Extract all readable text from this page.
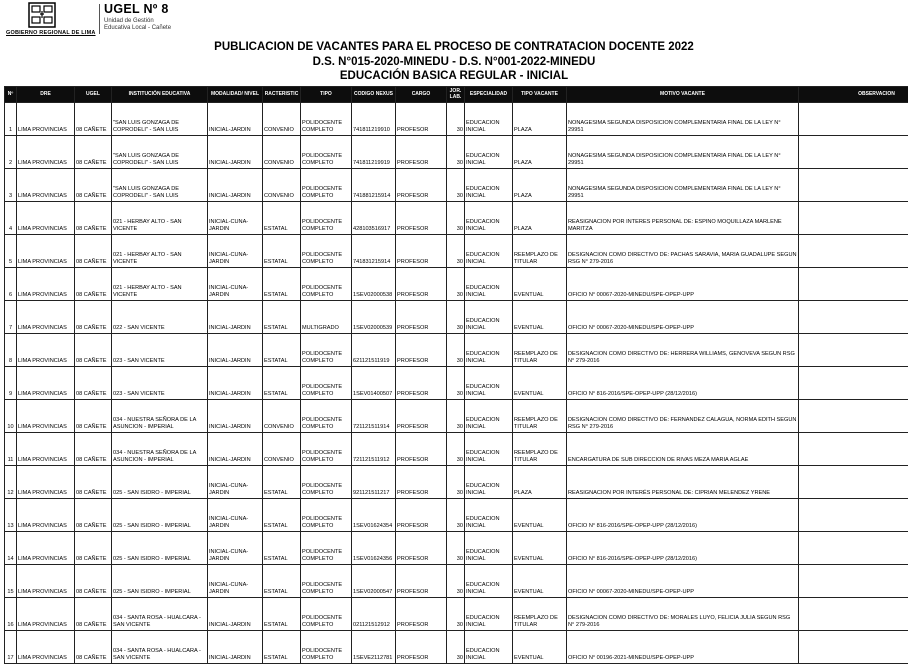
GOBIERNO REGIONAL DE LIMA
UGEL Nº 8
Unidad de Gestión
Educativa Local - Cañete
PUBLICACION DE VACANTES PARA EL PROCESO DE CONTRATACION DOCENTE 2022
D.S. N°015-2020-MINEDU - D.S. N°001-2022-MINEDU
EDUCACIÓN BASICA REGULAR - INICIAL
Nº	DRE	UGEL	INSTITUCIÓN EDUCATIVA	MODALIDAD/ NIVEL	RACTERISTIC	TIPO	CODIGO NEXUS	CARGO	JOR. LAB.	ESPECIALIDAD	TIPO VACANTE	MOTIVO VACANTE	OBSERVACION
1	LIMA PROVINCIAS	08 CAÑETE	"SAN LUIS GONZAGA DE COPRODELI" - SAN LUIS	INICIAL-JARDIN	CONVENIO	POLIDOCENTE COMPLETO	741811219910	PROFESOR	30	EDUCACION INICIAL	PLAZA	NONAGESIMA SEGUNDA DISPOSICION COMPLEMENTARIA FINAL DE LA LEY N° 29951	
2	LIMA PROVINCIAS	08 CAÑETE	"SAN LUIS GONZAGA DE COPRODELI" - SAN LUIS	INICIAL-JARDIN	CONVENIO	POLIDOCENTE COMPLETO	741811219919	PROFESOR	30	EDUCACION INICIAL	PLAZA	NONAGESIMA SEGUNDA DISPOSICION COMPLEMENTARIA FINAL DE LA LEY N° 29951	
3	LIMA PROVINCIAS	08 CAÑETE	"SAN LUIS GONZAGA DE COPRODELI" - SAN LUIS	INICIAL-JARDIN	CONVENIO	POLIDOCENTE COMPLETO	741881215914	PROFESOR	30	EDUCACION INICIAL	PLAZA	NONAGESIMA SEGUNDA DISPOSICION COMPLEMENTARIA FINAL DE LA LEY N° 29951	
4	LIMA PROVINCIAS	08 CAÑETE	021 - HERBAY ALTO - SAN VICENTE	INICIAL-CUNA-JARDIN	ESTATAL	POLIDOCENTE COMPLETO	428103516917	PROFESOR	30	EDUCACION INICIAL	PLAZA	REASIGNACION POR INTERES PERSONAL DE: ESPINO MOQUILLAZA MARLENE MARITZA	
5	LIMA PROVINCIAS	08 CAÑETE	021 - HERBAY ALTO - SAN VICENTE	INICIAL-CUNA-JARDIN	ESTATAL	POLIDOCENTE COMPLETO	741831215914	PROFESOR	30	EDUCACION INICIAL	REEMPLAZO DE TITULAR	DESIGNACION COMO DIRECTIVO DE: PACHAS SARAVIA, MARIA GUADALUPE SEGUN RSG N° 279-2016	
6	LIMA PROVINCIAS	08 CAÑETE	021 - HERBAY ALTO - SAN VICENTE	INICIAL-CUNA-JARDIN	ESTATAL	POLIDOCENTE COMPLETO	1SEV02000538	PROFESOR	30	EDUCACION INICIAL	EVENTUAL	OFICIO N° 00067-2020-MINEDU/SPE-OPEP-UPP	
7	LIMA PROVINCIAS	08 CAÑETE	022 - SAN VICENTE	INICIAL-JARDIN	ESTATAL	MULTIGRADO	1SEV02000539	PROFESOR	30	EDUCACION INICIAL	EVENTUAL	OFICIO N° 00067-2020-MINEDU/SPE-OPEP-UPP	
8	LIMA PROVINCIAS	08 CAÑETE	023 - SAN VICENTE	INICIAL-JARDIN	ESTATAL	POLIDOCENTE COMPLETO	621121511919	PROFESOR	30	EDUCACION INICIAL	REEMPLAZO DE TITULAR	DESIGNACION COMO DIRECTIVO DE: HERRERA WILLIAMS, GENOVEVA SEGUN RSG N° 279-2016	
9	LIMA PROVINCIAS	08 CAÑETE	023 - SAN VICENTE	INICIAL-JARDIN	ESTATAL	POLIDOCENTE COMPLETO	1SEV01400507	PROFESOR	30	EDUCACION INICIAL	EVENTUAL	OFICIO N° 816-2016/SPE-OPEP-UPP (28/12/2016)	
10	LIMA PROVINCIAS	08 CAÑETE	034 - NUESTRA SEÑORA DE LA ASUNCION - IMPERIAL	INICIAL-JARDIN	CONVENIO	POLIDOCENTE COMPLETO	721121511914	PROFESOR	30	EDUCACION INICIAL	REEMPLAZO DE TITULAR	DESIGNACION COMO DIRECTIVO DE: FERNANDEZ CALAGUA, NORMA EDITH SEGUN RSG N° 279-2016	
11	LIMA PROVINCIAS	08 CAÑETE	034 - NUESTRA SEÑORA DE LA ASUNCION - IMPERIAL	INICIAL-JARDIN	CONVENIO	POLIDOCENTE COMPLETO	721121511912	PROFESOR	30	EDUCACION INICIAL	REEMPLAZO DE TITULAR	ENCARGATURA DE SUB DIRECCION DE RIVAS MEZA MARIA AGLAE	
12	LIMA PROVINCIAS	08 CAÑETE	025 - SAN ISIDRO - IMPERIAL	INICIAL-CUNA-JARDIN	ESTATAL	POLIDOCENTE COMPLETO	921121511217	PROFESOR	30	EDUCACION INICIAL	PLAZA	REASIGNACION POR INTERÉS PERSONAL DE: CIPRIAN MELENDEZ YRENE	
13	LIMA PROVINCIAS	08 CAÑETE	025 - SAN ISIDRO - IMPERIAL	INICIAL-CUNA-JARDIN	ESTATAL	POLIDOCENTE COMPLETO	1SEV01624354	PROFESOR	30	EDUCACION INICIAL	EVENTUAL	OFICIO N° 816-2016/SPE-OPEP-UPP (28/12/2016)	
14	LIMA PROVINCIAS	08 CAÑETE	025 - SAN ISIDRO - IMPERIAL	INICIAL-CUNA-JARDIN	ESTATAL	POLIDOCENTE COMPLETO	1SEV01624356	PROFESOR	30	EDUCACION INICIAL	EVENTUAL	OFICIO N° 816-2016/SPE-OPEP-UPP (28/12/2016)	
15	LIMA PROVINCIAS	08 CAÑETE	025 - SAN ISIDRO - IMPERIAL	INICIAL-CUNA-JARDIN	ESTATAL	POLIDOCENTE COMPLETO	1SEV02000547	PROFESOR	30	EDUCACION INICIAL	EVENTUAL	OFICIO N° 00067-2020-MINEDU/SPE-OPEP-UPP	
16	LIMA PROVINCIAS	08 CAÑETE	034 - SANTA ROSA - HUALCARA - SAN VICENTE	INICIAL-JARDIN	ESTATAL	POLIDOCENTE COMPLETO	021121512912	PROFESOR	30	EDUCACION INICIAL	REEMPLAZO DE TITULAR	DESIGNACION COMO DIRECTIVO DE: MORALES LUYO, FELICIA JULIA SEGUN RSG N° 279-2016	
17	LIMA PROVINCIAS	08 CAÑETE	034 - SANTA ROSA - HUALCARA - SAN VICENTE	INICIAL-JARDIN	ESTATAL	POLIDOCENTE COMPLETO	1SEVE2112781	PROFESOR	30	EDUCACION INICIAL	EVENTUAL	OFICIO N° 00196-2021-MINEDU/SPE-OPEP-UPP	
